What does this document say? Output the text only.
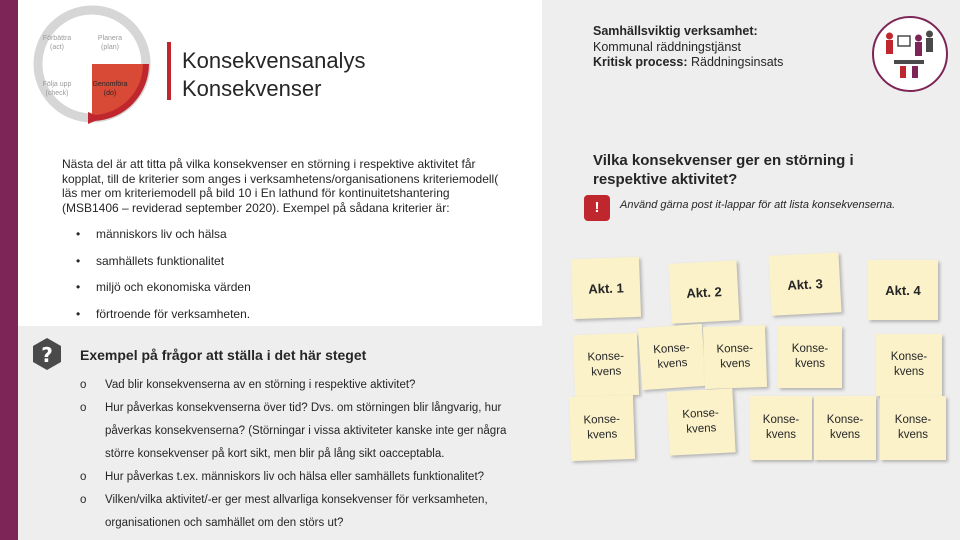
Förbättra (act)
Planera (plan)
Följa upp (check)
Genomföra (do)
Konsekvensanalys
Konsekvenser
Nästa del är att titta på vilka konsekvenser en störning i respektive aktivitet får kopplat, till de kriterier som anges i verksamhetens/organisationens kriteriemodell( läs mer om kriteriemodell på bild 10 i En lathund för kontinuitetshantering (MSB1406 – reviderad september 2020). Exempel på sådana kriterier är:
•	människors liv och hälsa
•	samhällets funktionalitet
•	miljö och ekonomiska värden
•	förtroende för verksamheten.
? Exempel på frågor att ställa i det här steget
o	Vad blir konsekvenserna av en störning i respektive aktivitet?
o	Hur påverkas konsekvenserna över tid? Dvs. om störningen blir långvarig, hur påverkas konsekvenserna? (Störningar i vissa aktiviteter kanske inte ger några större konsekvenser på kort sikt, men blir på lång sikt oacceptabla.
o	Hur påverkas t.ex. människors liv och hälsa eller samhällets funktionalitet?
o	Vilken/vilka aktivitet/-er ger mest allvarliga konsekvenser för verksamheten, organisationen och samhället om den störs ut?
Samhällsviktig verksamhet:
Kommunal räddningstjänst
Kritisk process: Räddningsinsats
Vilka konsekvenser ger en störning i respektive aktivitet?
!	Använd gärna post it-lappar för att lista konsekvenserna.
Akt. 1	Akt. 2	Akt. 3	Akt. 4
Konse-kvens
Konse-kvens
Konse-kvens
Konse-kvens
Konse-kvens
Konse-kvens
Konse-kvens
Konse-kvens
Konse-kvens
Konse-kvens
